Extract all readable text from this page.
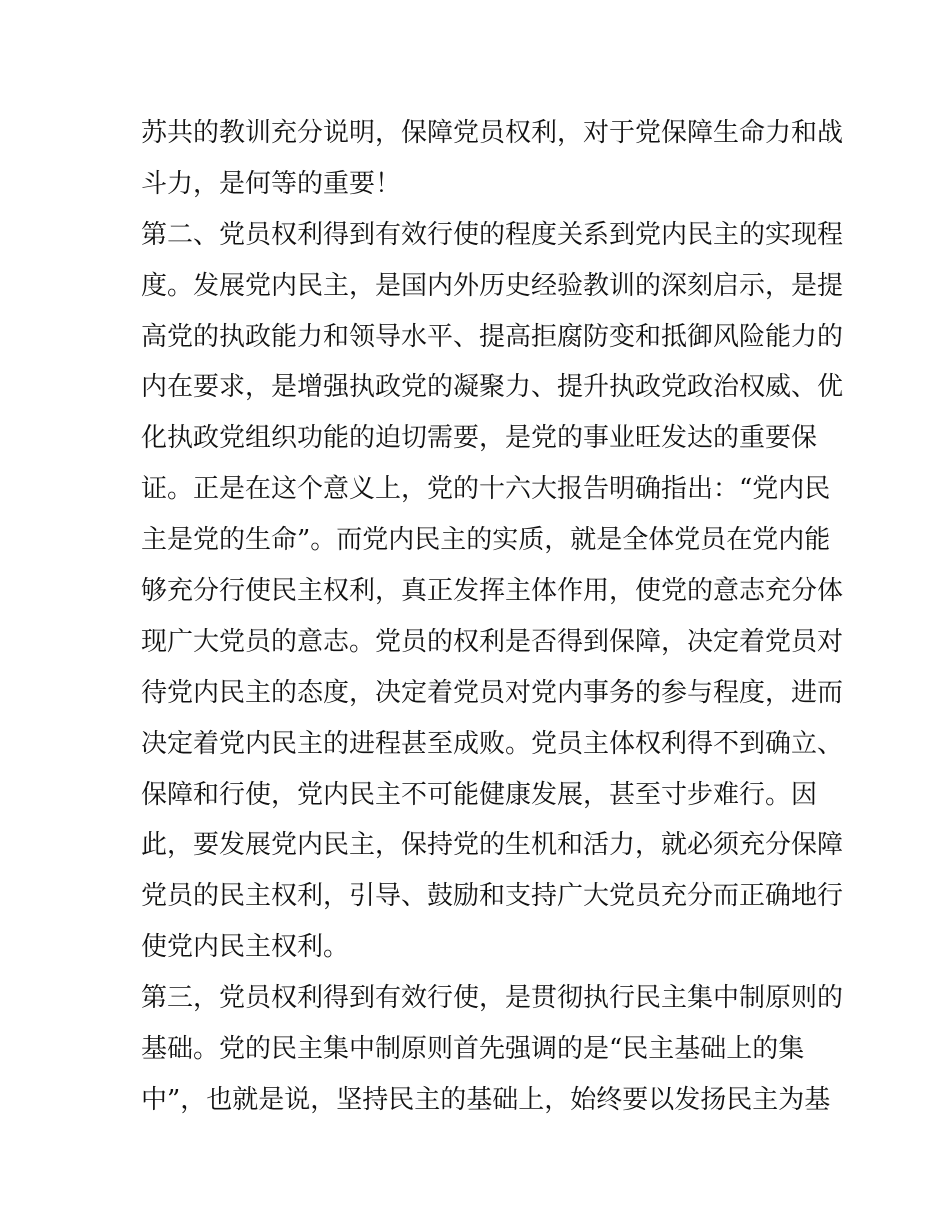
苏共的教训充分说明，保障党员权利，对于党保障生命力和战
斗力，是何等的重要！
第二、党员权利得到有效行使的程度关系到党内民主的实现程
度。发展党内民主，是国内外历史经验教训的深刻启示，是提
高党的执政能力和领导水平、提高拒腐防变和抵御风险能力的
内在要求，是增强执政党的凝聚力、提升执政党政治权威、优
化执政党组织功能的迫切需要，是党的事业旺发达的重要保
证。正是在这个意义上，党的十六大报告明确指出：“党内民
主是党的生命”。而党内民主的实质，就是全体党员在党内能
够充分行使民主权利，真正发挥主体作用，使党的意志充分体
现广大党员的意志。党员的权利是否得到保障，决定着党员对
待党内民主的态度，决定着党员对党内事务的参与程度，进而
决定着党内民主的进程甚至成败。党员主体权利得不到确立、
保障和行使，党内民主不可能健康发展，甚至寸步难行。因
此，要发展党内民主，保持党的生机和活力，就必须充分保障
党员的民主权利，引导、鼓励和支持广大党员充分而正确地行
使党内民主权利。
第三，党员权利得到有效行使，是贯彻执行民主集中制原则的
基础。党的民主集中制原则首先强调的是“民主基础上的集
中”，也就是说，坚持民主的基础上，始终要以发扬民主为基
